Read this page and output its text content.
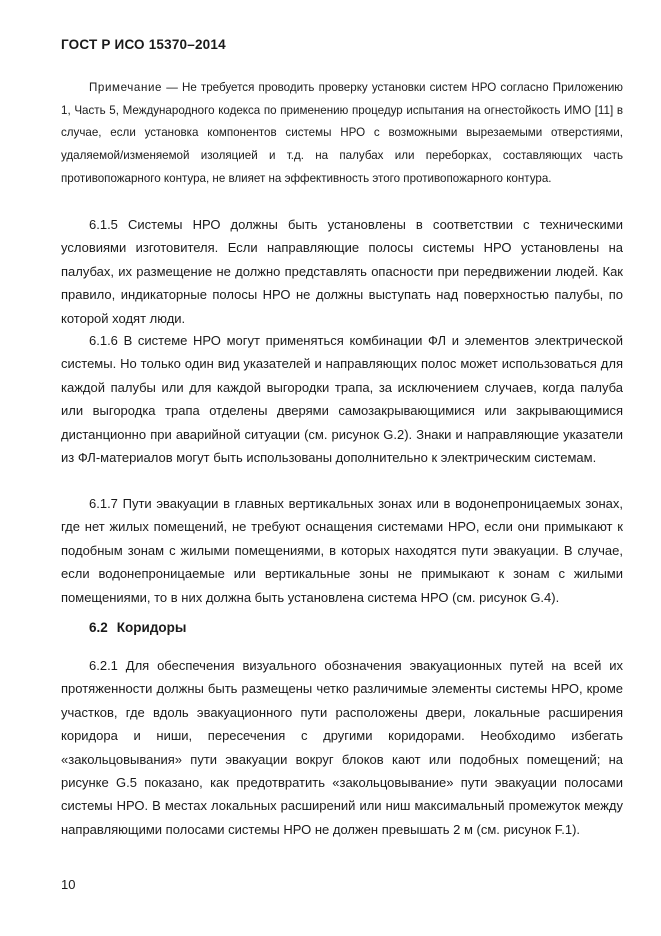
ГОСТ Р ИСО 15370–2014
Примечание — Не требуется проводить проверку установки систем НРО согласно Приложению 1, Часть 5, Международного кодекса по применению процедур испытания на огнестойкость ИМО [11] в случае, если установка компонентов системы НРО с возможными вырезаемыми отверстиями, удаляемой/изменяемой изоляцией и т.д. на палубах или переборках, составляющих часть противопожарного контура, не влияет на эффективность этого противопожарного контура.
6.1.5 Системы НРО должны быть установлены в соответствии с техническими условиями изготовителя. Если направляющие полосы системы НРО установлены на палубах, их размещение не должно представлять опасности при передвижении людей. Как правило, индикаторные полосы НРО не должны выступать над поверхностью палубы, по которой ходят люди.
6.1.6 В системе НРО могут применяться комбинации ФЛ и элементов электрической системы. Но только один вид указателей и направляющих полос может использоваться для каждой палубы или для каждой выгородки трапа, за исключением случаев, когда палуба или выгородка трапа отделены дверями самозакрывающимися или закрывающимися дистанционно при аварийной ситуации (см. рисунок G.2). Знаки и направляющие указатели из ФЛ-материалов могут быть использованы дополнительно к электрическим системам.
6.1.7 Пути эвакуации в главных вертикальных зонах или в водонепроницаемых зонах, где нет жилых помещений, не требуют оснащения системами НРО, если они примыкают к подобным зонам с жилыми помещениями, в которых находятся пути эвакуации. В случае, если водонепроницаемые или вертикальные зоны не примыкают к зонам с жилыми помещениями, то в них должна быть установлена система НРО (см. рисунок G.4).
6.2 Коридоры
6.2.1 Для обеспечения визуального обозначения эвакуационных путей на всей их протяженности должны быть размещены четко различимые элементы системы НРО, кроме участков, где вдоль эвакуационного пути расположены двери, локальные расширения коридора и ниши, пересечения с другими коридорами. Необходимо избегать «закольцовывания» пути эвакуации вокруг блоков кают или подобных помещений; на рисунке G.5 показано, как предотвратить «закольцовывание» пути эвакуации полосами системы НРО. В местах локальных расширений или ниш максимальный промежуток между направляющими полосами системы НРО не должен превышать 2 м (см. рисунок F.1).
10
